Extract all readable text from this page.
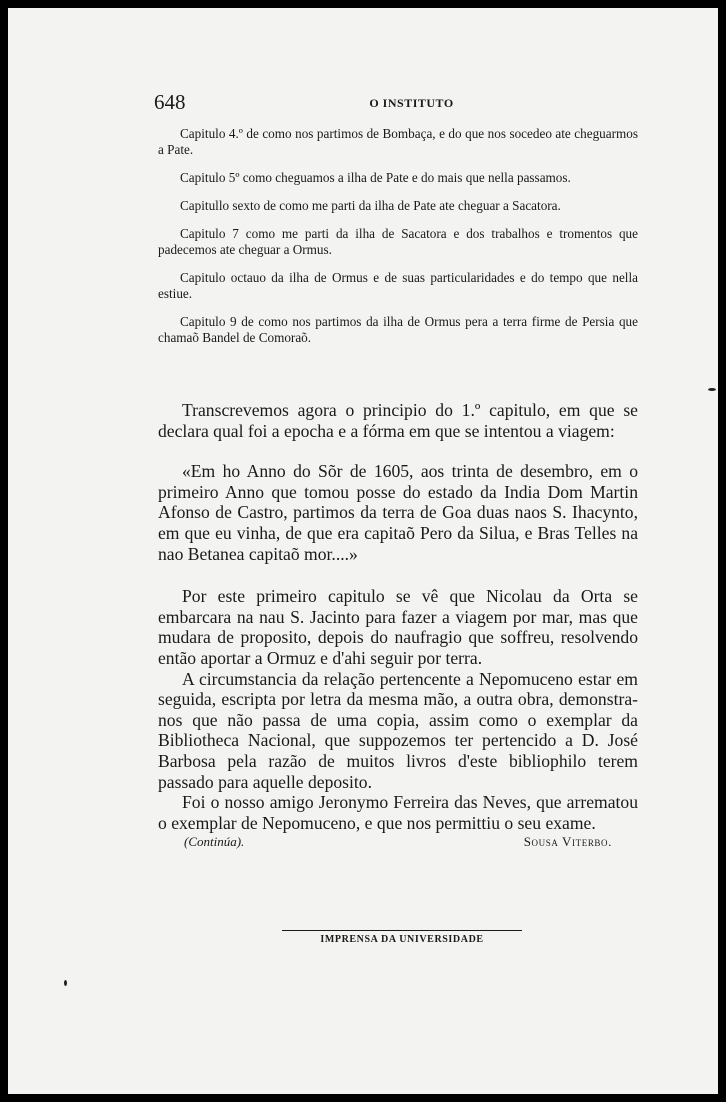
648	O INSTITUTO

Capitulo 4.º de como nos partimos de Bombaça, e do que nos socedeo ate cheguarmos a Pate.

Capitulo 5º como cheguamos a ilha de Pate e do mais que nella passamos.

Capitullo sexto de como me parti da ilha de Pate ate cheguar a Sacatora.

Capitulo 7 como me parti da ilha de Sacatora e dos trabalhos e tromentos que padecemos ate cheguar a Ormus.

Capitulo octauo da ilha de Ormus e de suas particularidades e do tempo que nella estiue.

Capitulo 9 de como nos partimos da ilha de Ormus pera a terra firme de Persia que chamaõ Bandel de Comoraõ.

Transcrevemos agora o principio do 1.º capitulo, em que se declara qual foi a epocha e a fórma em que se intentou a viagem:

«Em ho Anno do Sõr de 1605, aos trinta de desembro, em o primeiro Anno que tomou posse do estado da India Dom Martin Afonso de Castro, partimos da terra de Goa duas naos S. Ihacynto, em que eu vinha, de que era capitaõ Pero da Silua, e Bras Telles na nao Betanea capitaõ mor....»

Por este primeiro capitulo se vê que Nicolau da Orta se embarcara na nau S. Jacinto para fazer a viagem por mar, mas que mudara de proposito, depois do naufragio que soffreu, resolvendo então aportar a Ormuz e d'ahi seguir por terra.

A circumstancia da relação pertencente a Nepomuceno estar em seguida, escripta por letra da mesma mão, a outra obra, demonstra-nos que não passa de uma copia, assim como o exemplar da Bibliotheca Nacional, que suppozemos ter pertencido a D. José Barbosa pela razão de muitos livros d'este bibliophilo terem passado para aquelle deposito.

Foi o nosso amigo Jeronymo Ferreira das Neves, que arrematou o exemplar de Nepomuceno, e que nos permittiu o seu exame.

(Continúa).	Sousa Viterbo.
IMPRENSA DA UNIVERSIDADE
